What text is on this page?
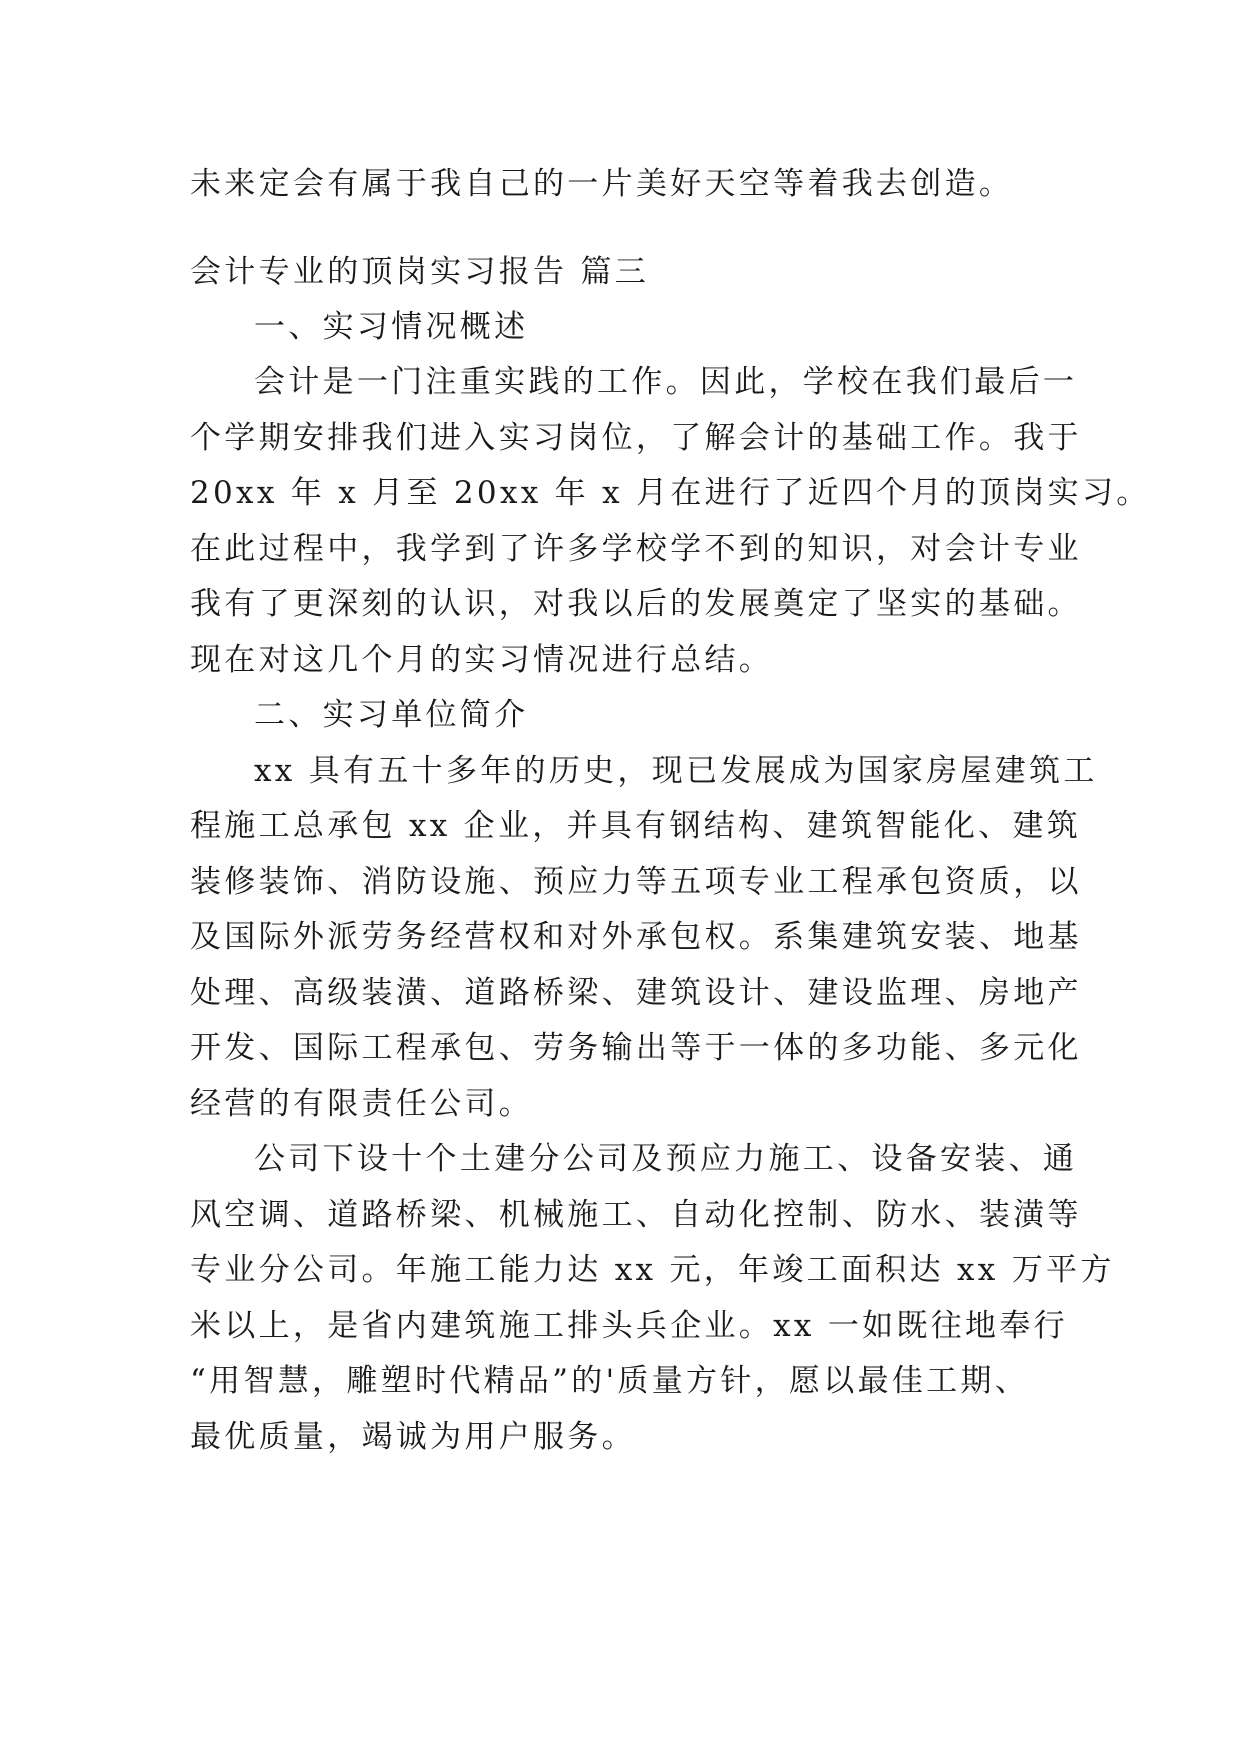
未来定会有属于我自己的一片美好天空等着我去创造。
会计专业的顶岗实习报告 篇三
一、实习情况概述
会计是一门注重实践的工作。因此，学校在我们最后一
个学期安排我们进入实习岗位，了解会计的基础工作。我于
20xx 年 x 月至 20xx 年 x 月在进行了近四个月的顶岗实习。
在此过程中，我学到了许多学校学不到的知识，对会计专业
我有了更深刻的认识，对我以后的发展奠定了坚实的基础。
现在对这几个月的实习情况进行总结。
二、实习单位简介
xx 具有五十多年的历史，现已发展成为国家房屋建筑工
程施工总承包 xx 企业，并具有钢结构、建筑智能化、建筑
装修装饰、消防设施、预应力等五项专业工程承包资质，以
及国际外派劳务经营权和对外承包权。系集建筑安装、地基
处理、高级装潢、道路桥梁、建筑设计、建设监理、房地产
开发、国际工程承包、劳务输出等于一体的多功能、多元化
经营的有限责任公司。
公司下设十个土建分公司及预应力施工、设备安装、通
风空调、道路桥梁、机械施工、自动化控制、防水、装潢等
专业分公司。年施工能力达 xx 元，年竣工面积达 xx 万平方
米以上，是省内建筑施工排头兵企业。xx 一如既往地奉行
“用智慧，雕塑时代精品”的'质量方针，愿以最佳工期、
最优质量，竭诚为用户服务。
